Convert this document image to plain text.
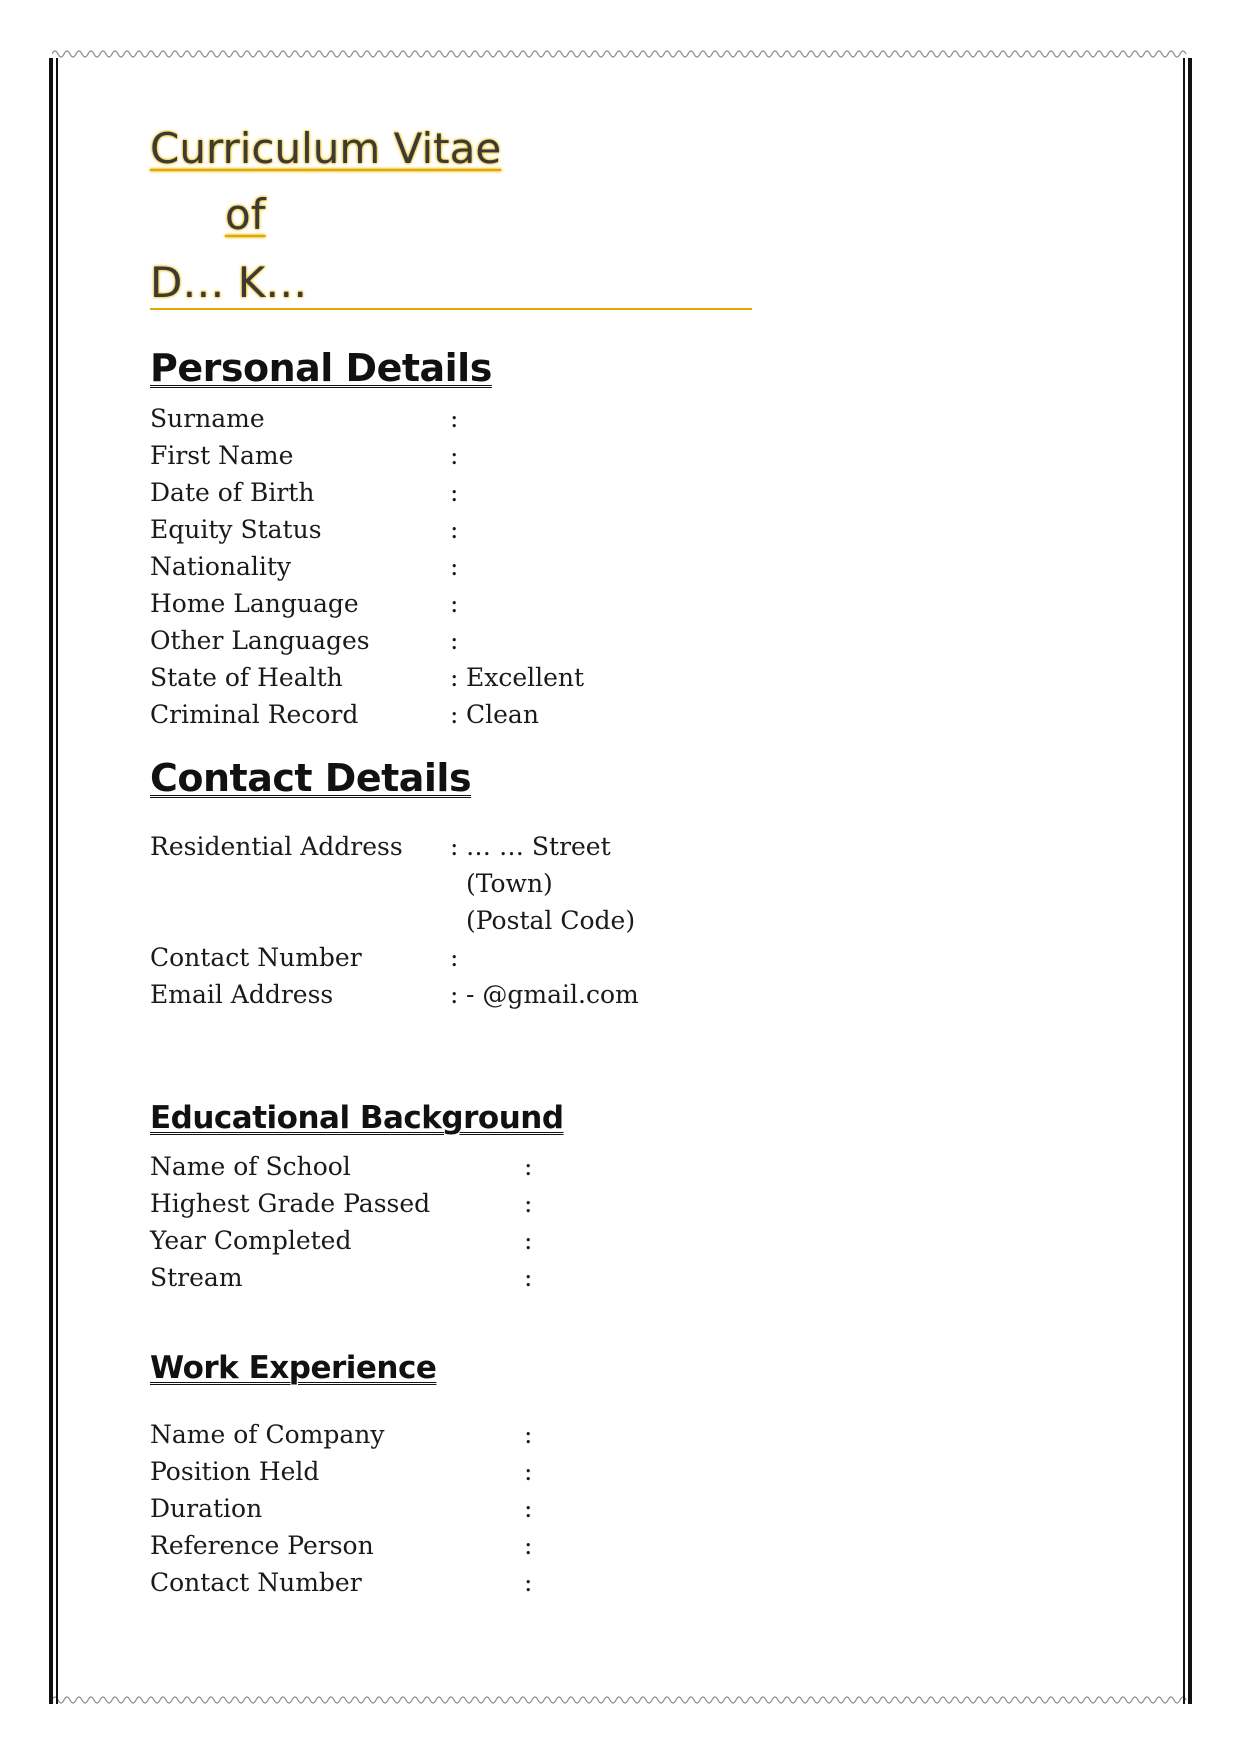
Curriculum Vitae
of
D… K…
Personal Details
Surname	:
First Name	:
Date of Birth	:
Equity Status	:
Nationality	:
Home Language	:
Other Languages	:
State of Health	: Excellent
Criminal Record	: Clean
Contact Details
Residential Address : … … Street
(Town)
(Postal Code)
Contact Number	:
Email Address	: - @gmail.com
Educational Background
Name of School	:
Highest Grade Passed	:
Year Completed	:
Stream	:
Work Experience
Name of Company	:
Position Held	:
Duration	:
Reference Person	:
Contact Number	:
